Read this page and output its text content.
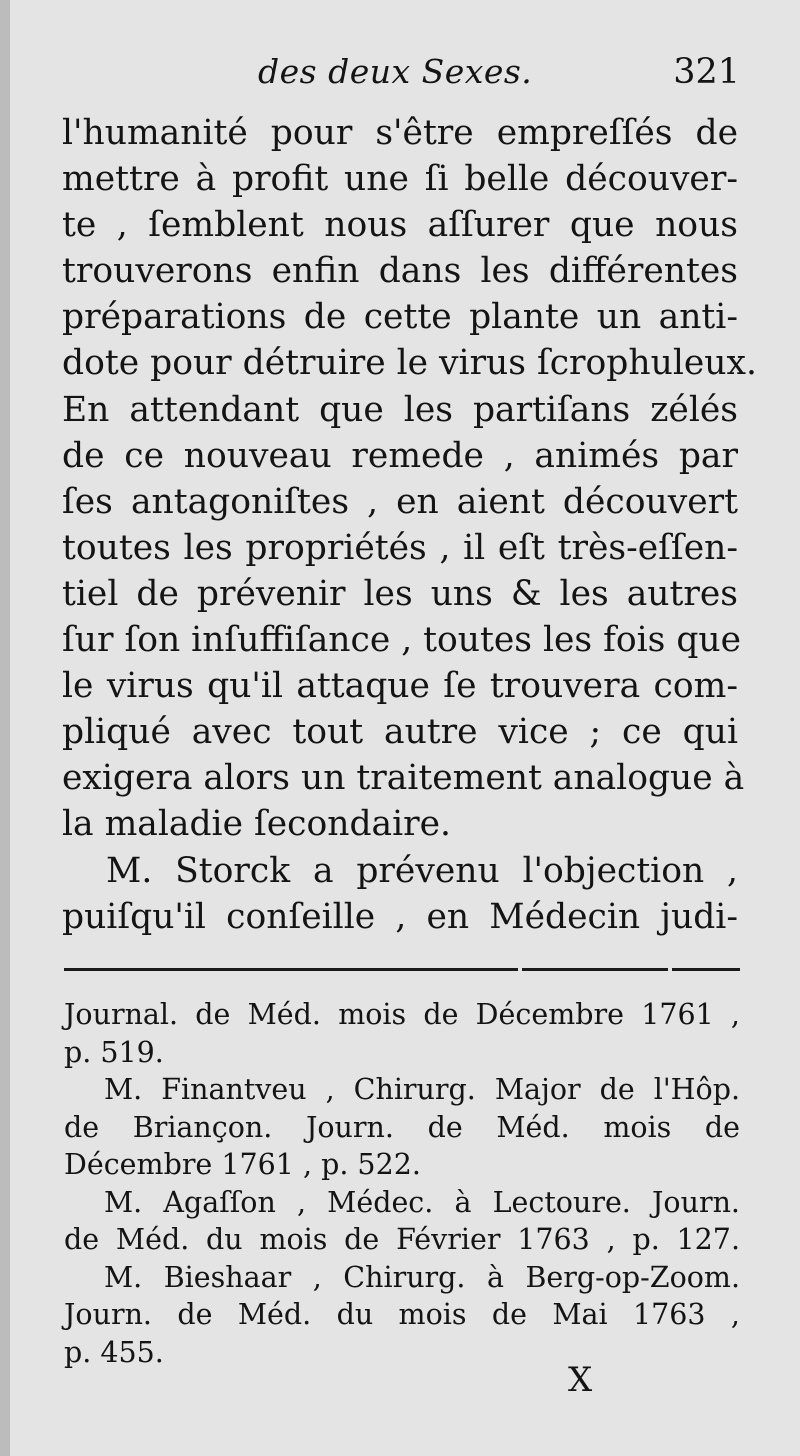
des deux Sexes.	321
l'humanité pour s'être empreſſés de
mettre à profit une ſi belle découver-
te , ſemblent nous aſſurer que nous
trouverons enfin dans les différentes
préparations de cette plante un anti-
dote pour détruire le virus ſcrophuleux.
En attendant que les partiſans zélés
de ce nouveau remede , animés par
ſes antagoniſtes , en aient découvert
toutes les propriétés , il eſt très-eſſen-
tiel de prévenir les uns & les autres
ſur ſon inſuffiſance , toutes les fois que
le virus qu'il attaque ſe trouvera com-
pliqué avec tout autre vice ; ce qui
exigera alors un traitement analogue à
la maladie ſecondaire.
M. Storck a prévenu l'objection ,
puiſqu'il conſeille , en Médecin judi-
Journal. de Méd. mois de Décembre 1761 ,
p. 519.
M. Finantveu , Chirurg. Major de l'Hôp.
de Briançon. Journ. de Méd. mois de
Décembre 1761 , p. 522.
M. Agaſſon , Médec. à Lectoure. Journ.
de Méd. du mois de Février 1763 , p. 127.
M. Bieshaar , Chirurg. à Berg-op-Zoom.
Journ. de Méd. du mois de Mai 1763 ,
p. 455.
X
